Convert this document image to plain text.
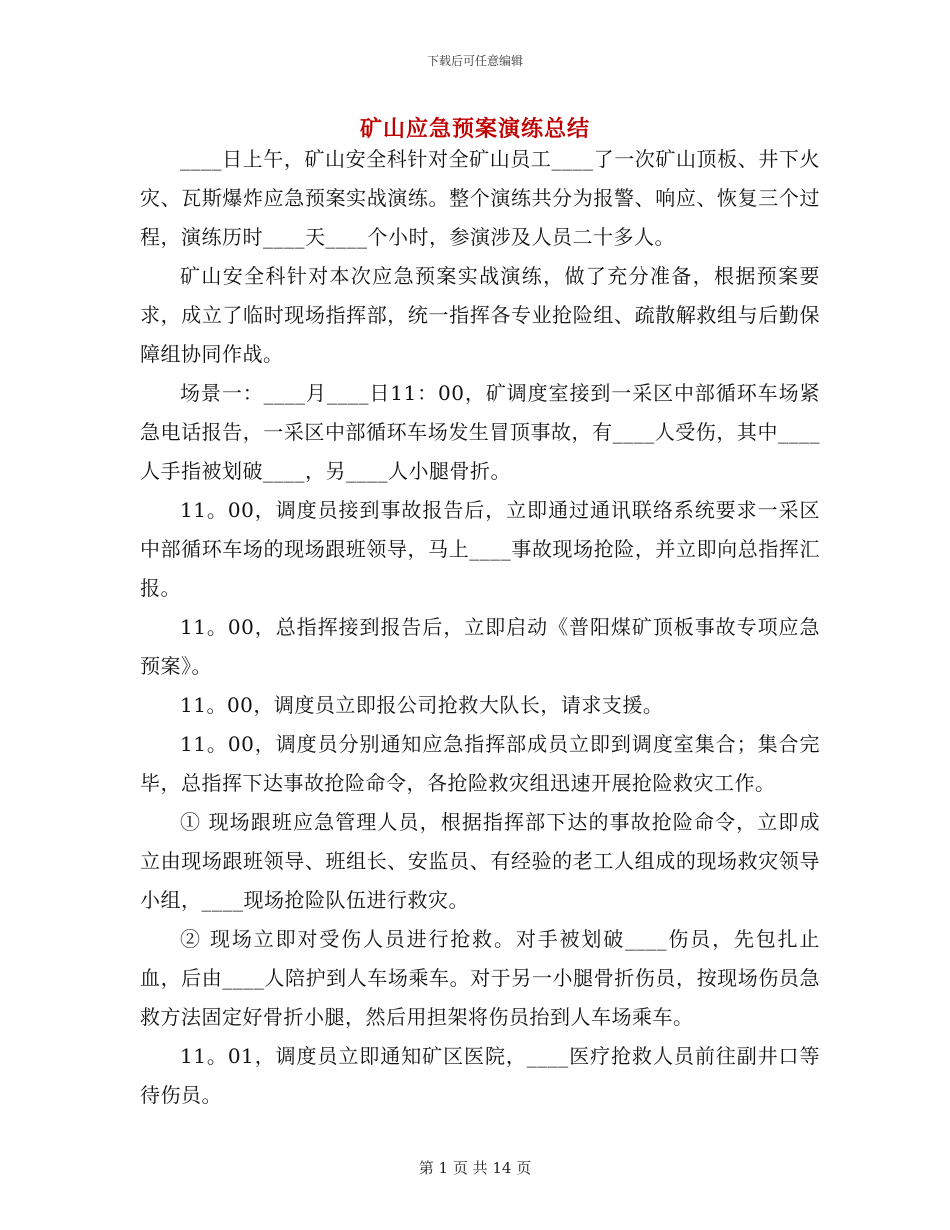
下载后可任意编辑
矿山应急预案演练总结

____日上午，矿山安全科针对全矿山员工____了一次矿山顶板、井下火灾、瓦斯爆炸应急预案实战演练。整个演练共分为报警、响应、恢复三个过程，演练历时____天____个小时，参演涉及人员二十多人。

矿山安全科针对本次应急预案实战演练，做了充分准备，根据预案要求，成立了临时现场指挥部，统一指挥各专业抢险组、疏散解救组与后勤保障组协同作战。

场景一：____月____日11：00，矿调度室接到一采区中部循环车场紧急电话报告，一采区中部循环车场发生冒顶事故，有____人受伤，其中____人手指被划破____，另____人小腿骨折。

11。00，调度员接到事故报告后，立即通过通讯联络系统要求一采区中部循环车场的现场跟班领导，马上____事故现场抢险，并立即向总指挥汇报。

11。00，总指挥接到报告后，立即启动《普阳煤矿顶板事故专项应急预案》。

11。00，调度员立即报公司抢救大队长，请求支援。

11。00，调度员分别通知应急指挥部成员立即到调度室集合；集合完毕，总指挥下达事故抢险命令，各抢险救灾组迅速开展抢险救灾工作。

① 现场跟班应急管理人员，根据指挥部下达的事故抢险命令，立即成立由现场跟班领导、班组长、安监员、有经验的老工人组成的现场救灾领导小组，____现场抢险队伍进行救灾。

② 现场立即对受伤人员进行抢救。对手被划破____伤员，先包扎止血，后由____人陪护到人车场乘车。对于另一小腿骨折伤员，按现场伤员急救方法固定好骨折小腿，然后用担架将伤员抬到人车场乘车。

11。01，调度员立即通知矿区医院，____医疗抢救人员前往副井口等待伤员。

第 1 页 共 14 页
